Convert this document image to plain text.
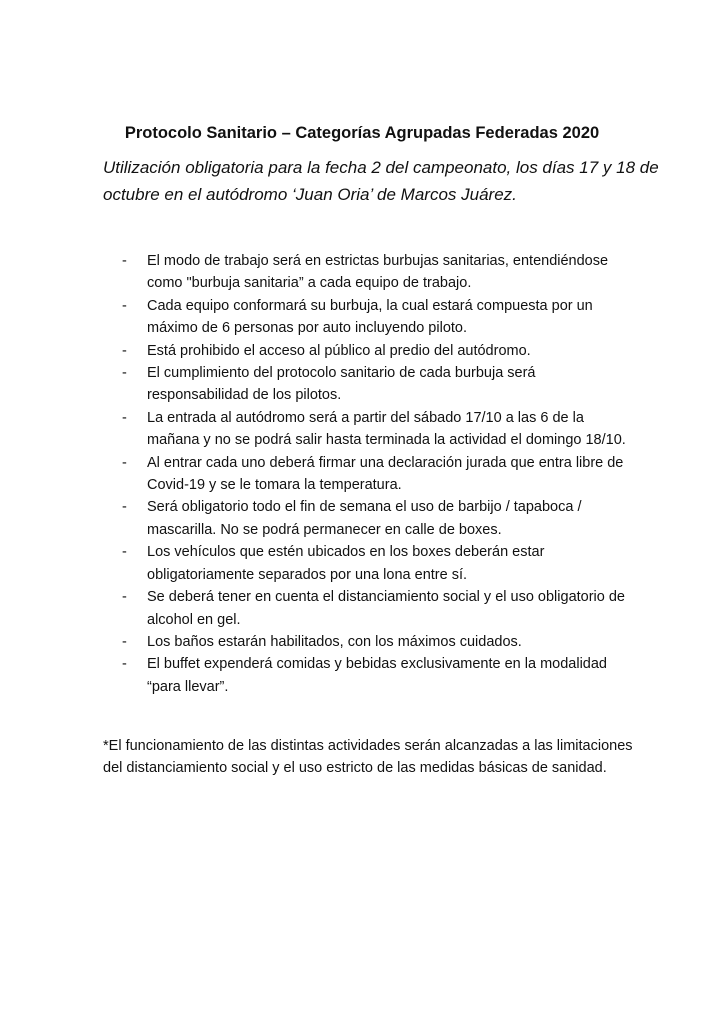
Protocolo Sanitario – Categorías Agrupadas Federadas 2020

Utilización obligatoria para la fecha 2 del campeonato, los días 17 y 18 de octubre en el autódromo ‘Juan Oria’ de Marcos Juárez.

- El modo de trabajo será en estrictas burbujas sanitarias, entendiéndose como "burbuja sanitaria” a cada equipo de trabajo.
- Cada equipo conformará su burbuja, la cual estará compuesta por un máximo de 6 personas por auto incluyendo piloto.
- Está prohibido el acceso al público al predio del autódromo.
- El cumplimiento del protocolo sanitario de cada burbuja será responsabilidad de los pilotos.
- La entrada al autódromo será a partir del sábado 17/10 a las 6 de la mañana y no se podrá salir hasta terminada la actividad el domingo 18/10.
- Al entrar cada uno deberá firmar una declaración jurada que entra libre de Covid-19 y se le tomara la temperatura.
- Será obligatorio todo el fin de semana el uso de barbijo / tapaboca / mascarilla. No se podrá permanecer en calle de boxes.
- Los vehículos que estén ubicados en los boxes deberán estar obligatoriamente separados por una lona entre sí.
- Se deberá tener en cuenta el distanciamiento social y el uso obligatorio de alcohol en gel.
- Los baños estarán habilitados, con los máximos cuidados.
- El buffet expenderá comidas y bebidas exclusivamente en la modalidad “para llevar”.

*El funcionamiento de las distintas actividades serán alcanzadas a las limitaciones del distanciamiento social y el uso estricto de las medidas básicas de sanidad.
